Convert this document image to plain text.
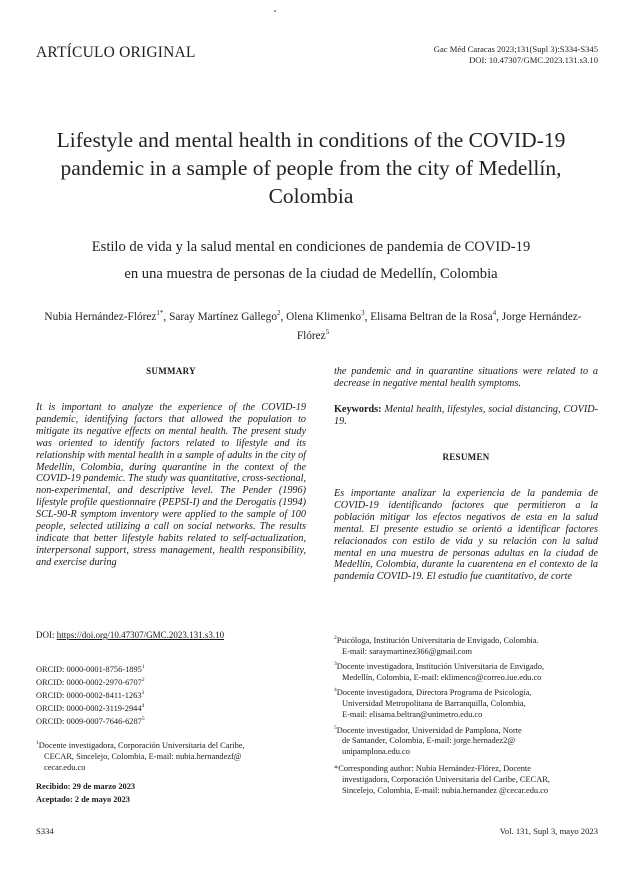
ARTÍCULO ORIGINAL	Gac Méd Caracas 2023;131(Supl 3):S334-S345
DOI: 10.47307/GMC.2023.131.s3.10
Lifestyle and mental health in conditions of the COVID-19 pandemic in a sample of people from the city of Medellín, Colombia
Estilo de vida y la salud mental en condiciones de pandemia de COVID-19
en una muestra de personas de la ciudad de Medellín, Colombia
Nubia Hernández-Flórez$^{1*}$, Saray Martínez Gallego$^2$, Olena Klimenko$^3$, Elisama Beltran de la Rosa$^4$, Jorge Hernández-Flórez$^5$
SUMMARY

It is important to analyze the experience of the COVID-19 pandemic, identifying factors that allowed the population to mitigate its negative effects on mental health. The present study was oriented to identify factors related to lifestyle and its relationship with mental health in a sample of adults in the city of Medellín, Colombia, during quarantine in the context of the COVID-19 pandemic. The study was quantitative, cross-sectional, non-experimental, and descriptive level. The Pender (1996) lifestyle profile questionnaire (PEPSI-I) and the Derogatis (1994) SCL-90-R symptom inventory were applied to the sample of 100 people, selected utilizing a call on social networks. The results indicate that better lifestyle habits related to self-actualization, interpersonal support, stress management, health responsibility, and exercise during

the pandemic and in quarantine situations were related to a decrease in negative mental health symptoms.

Keywords: Mental health, lifestyles, social distancing, COVID-19.

RESUMEN

Es importante analizar la experiencia de la pandemia de COVID-19 identificando factores que permitieron a la población mitigar los efectos negativos de esta en la salud mental. El presente estudio se orientó a identificar factores relacionados con estilo de vida y su relación con la salud mental en una muestra de personas adultas en la ciudad de Medellín, Colombia, durante la cuarentena en el contexto de la pandemia COVID-19. El estudio fue cuantitativo, de corte

DOI: https://doi.org/10.47307/GMC.2023.131.s3.10
ORCID: 0000-0001-8756-1895$^1$
ORCID: 0000-0002-2970-6707$^2$
ORCID: 0000-0002-8411-1263$^3$
ORCID: 0000-0002-3119-2944$^4$
ORCID: 0009-0007-7646-6287$^5$
$^1$Docente investigadora, Corporación Universitaria del Caribe,
CECAR, Sincelejo, Colombia, E-mail: nubia.hernandezf@
cecar.edu.co
Recibido: 29 de marzo 2023
Aceptado: 2 de mayo 2023
$^2$Psicóloga, Institución Universitaria de Envigado, Colombia.
E-mail: saraymartinez366@gmail.com
$^3$Docente investigadora, Institución Universitaria de Envigado,
Medellín, Colombia, E-mail: eklimenco@correo.iue.edu.co
$^4$Docente investigadora, Directora Programa de Psicología,
Universidad Metropolitana de Barranquilla, Colombia,
E-mail: elisama.beltran@unimetro.edu.co
$^5$Docente investigador, Universidad de Pamplona, Norte
de Santander, Colombia, E-mail: jorge.hernadez2@
unipamplona.edu.co
*Corresponding author: Nubia Hernández-Flórez, Docente
investigadora, Corporación Universitaria del Caribe, CECAR,
Sincelejo, Colombia, E-mail: nubia.hernandez @cecar.edu.co
S334	Vol. 131, Supl 3, mayo 2023
